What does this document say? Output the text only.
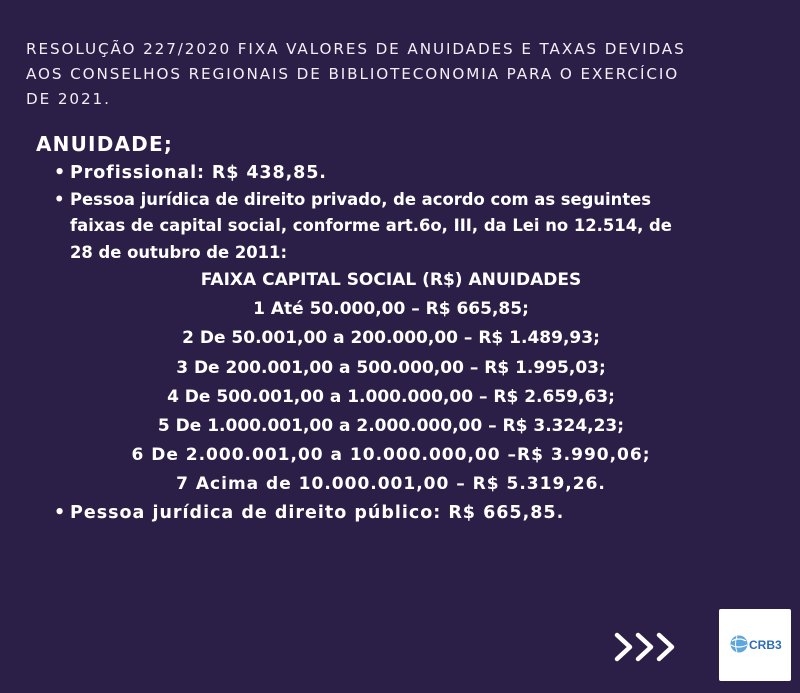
RESOLUÇÃO 227/2020 FIXA VALORES DE ANUIDADES E TAXAS DEVIDAS
AOS CONSELHOS REGIONAIS DE BIBLIOTECONOMIA PARA O EXERCÍCIO
DE 2021.
ANUIDADE;
• Profissional: R$ 438,85.
• Pessoa jurídica de direito privado, de acordo com as seguintes
faixas de capital social, conforme art.6o, III, da Lei no 12.514, de
28 de outubro de 2011:
FAIXA CAPITAL SOCIAL (R$) ANUIDADES
1 Até 50.000,00 – R$ 665,85;
2 De 50.001,00 a 200.000,00 – R$ 1.489,93;
3 De 200.001,00 a 500.000,00 – R$ 1.995,03;
4 De 500.001,00 a 1.000.000,00 – R$ 2.659,63;
5 De 1.000.001,00 a 2.000.000,00 – R$ 3.324,23;
6 De 2.000.001,00 a 10.000.000,00 –R$ 3.990,06;
7 Acima de 10.000.001,00 – R$ 5.319,26.
• Pessoa jurídica de direito público: R$ 665,85.
CRB3
